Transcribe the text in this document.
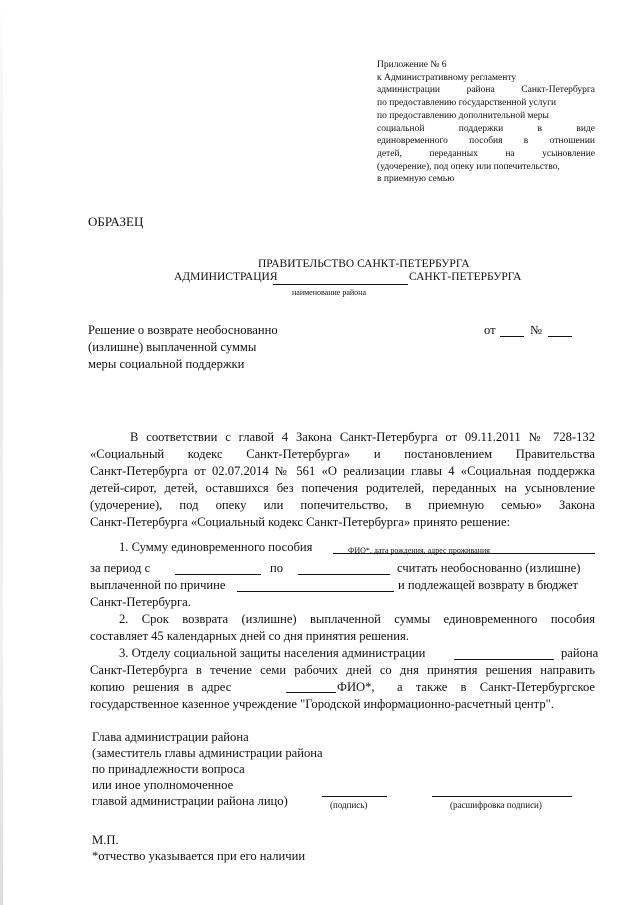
Приложение № 6
к Административному регламенту
администрации района Санкт-Петербурга
по предоставлению государственной услуги
по предоставлению дополнительной меры
социальной поддержки в виде
единовременного пособия в отношении
детей, переданных на усыновление
(удочерение), под опеку или попечительство,
в приемную семью
ОБРАЗЕЦ
ПРАВИТЕЛЬСТВО САНКТ-ПЕТЕРБУРГА
АДМИНИСТРАЦИЯ	САНКТ-ПЕТЕРБУРГА
наименование района
Решение о возврате необоснованно
(излишне) выплаченной суммы
меры социальной поддержки
от	№
В соответствии с главой 4 Закона Санкт-Петербурга от 09.11.2011 № 728-132
«Социальный кодекс Санкт-Петербурга» и постановлением Правительства
Санкт-Петербурга от 02.07.2014 № 561 «О реализации главы 4 «Социальная поддержка
детей-сирот, детей, оставшихся без попечения родителей, переданных на усыновление
(удочерение), под опеку или попечительство, в приемную семью» Закона
Санкт-Петербурга «Социальный кодекс Санкт-Петербурга» принято решение:
1. Сумму единовременного пособия	ФИО*, дата рождения, адрес проживания
за период с	по	считать необоснованно (излишне)
выплаченной по причине	и подлежащей возврату в бюджет
Санкт-Петербурга.
2. Срок возврата (излишне) выплаченной суммы единовременного пособия
составляет 45 календарных дней со дня принятия решения.
3. Отделу социальной защиты населения администрации	района
Санкт-Петербурга в течение семи рабочих дней со дня принятия решения направить
копию решения в адрес	ФИО*, а также в Санкт-Петербургское
государственное казенное учреждение "Городской информационно-расчетный центр".
Глава администрации района
(заместитель главы администрации района
по принадлежности вопроса
или иное уполномоченное
главой администрации района лицо)	(подпись)	(расшифровка подписи)
М.П.
*отчество указывается при его наличии
